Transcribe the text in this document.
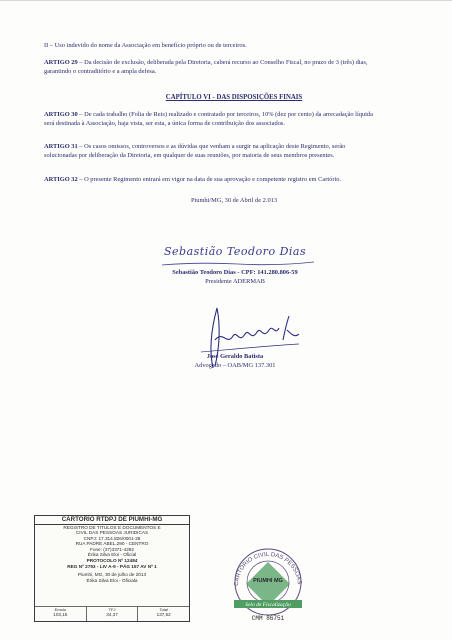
II – Uso indevido do nome da Associação em benefício próprio ou de terceiros.
ARTIGO 29 – Da decisão de exclusão, deliberada pela Diretoria, caberá recurso ao Conselho Fiscal, no prazo de 3 (três) dias,
garantindo o contraditório e a ampla defesa.
CAPÍTULO VI - DAS DISPOSIÇÕES FINAIS
ARTIGO 30 – De cada trabalho (Folia de Reis) realizado e contratado por terceiros, 10% (dez por cento) da arrecadação líquida
será destinada à Associação, haja vista, ser esta, a única forma de contribuição dos associados.
ARTIGO 31 – Os casos omissos, controversos e as dúvidas que venham a surgir na aplicação deste Regimento, serão
solucionadas por deliberação da Diretoria, em qualquer de suas reuniões, por maioria de seus membros presentes.
ARTIGO 32 – O presente Regimento entrará em vigor na data de sua aprovação e competente registro em Cartório.
Piumhi/MG, 30 de Abril de 2.013
Sebastião Teodoro Dias
Sebastião Teodoro Dias - CPF: 141.280.806-59
Presidente ADERMAB
José Geraldo Batista
Advogado – OAB/MG 137.301
CARTORIO RTDPJ DE PIUMHI-MG
REGISTRO DE TITULOS E DOCUMENTOS E
CIVIL DAS PESSOAS JURIDICAS
CNPJ: 17.314.826/0001-28
RUA PADRE ABEL,290 - CENTRO
Fone: (37)3371-4292
Érika Silva Eloi - Oficial
PROTOCOLO Nº 12484
REG Nº 2793 - LIV A-9 - PÁG 157 AV Nº 1
Piumhi, MG, 30 de julho de 2013
Érika Silva Eloi - Oficiala
Emolu
103,15
TFJ
34,37
Total
137,52
CARTORIO CIVIL DAS PESSOAS
PIUMHI MG
Selo de Fiscalização
CMM 86751
